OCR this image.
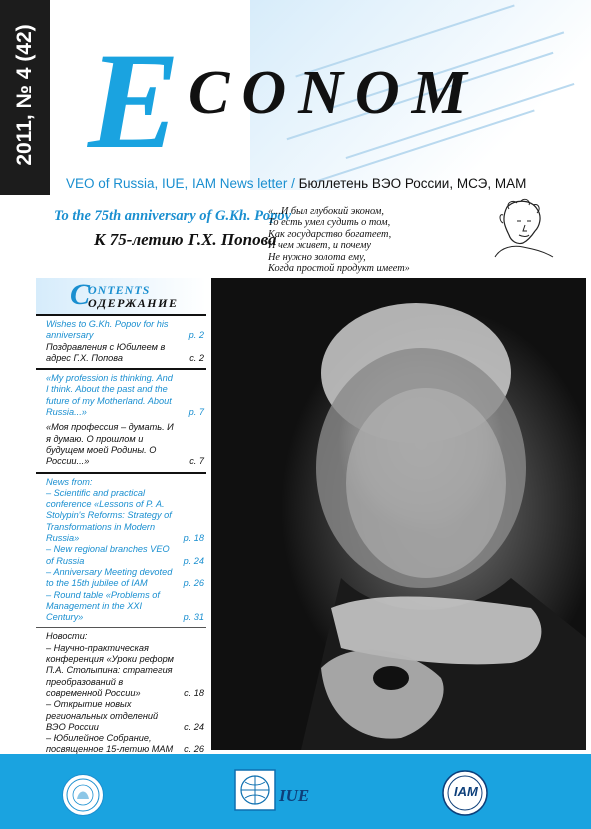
2011, № 4 (42) E CONOM
VEO of Russia, IUE, IAM News letter / Бюллетень ВЭО России, МСЭ, МАМ
To the 75th anniversary of G.Kh. Popov
К 75-летию Г.Х. Попова
«...И был глубокий эконом,
То есть умел судить о том,
Как государство богатеет,
И чем живет, и почему
Не нужно золота ему,
Когда простой продукт имеет»
C
ONTENTS
ОДЕРЖАНИЕ
Wishes to G.Kh. Popov for his anniversary	p. 2
Поздравления с Юбилеем в адрес Г.Х. Попова	с. 2
«My profession is thinking. And I think. About the past and the future of my Motherland. About Russia...»	p. 7
«Моя профессия – думать. И я думаю. О прошлом и будущем моей Родины. О России...»	с. 7
News from:
– Scientific and practical conference «Lessons of P. A. Stolypin's Reforms: Strategy of Transformations in Modern Russia»	p. 18
– New regional branches VEO of Russia	p. 24
– Anniversary Meeting devoted to the 15th jubilee of IAM	p. 26
– Round table «Problems of Management in the XXI Century»	p. 31
Новости:
– Научно-практическая конференция «Уроки реформ П.А. Столыпина: стратегия преобразований в современной России»	с. 18
– Открытие новых региональных отделений ВЭО России	с. 24
– Юбилейное Собрание, посвященное 15-летию МАМ	с. 26
IUE	IAM
